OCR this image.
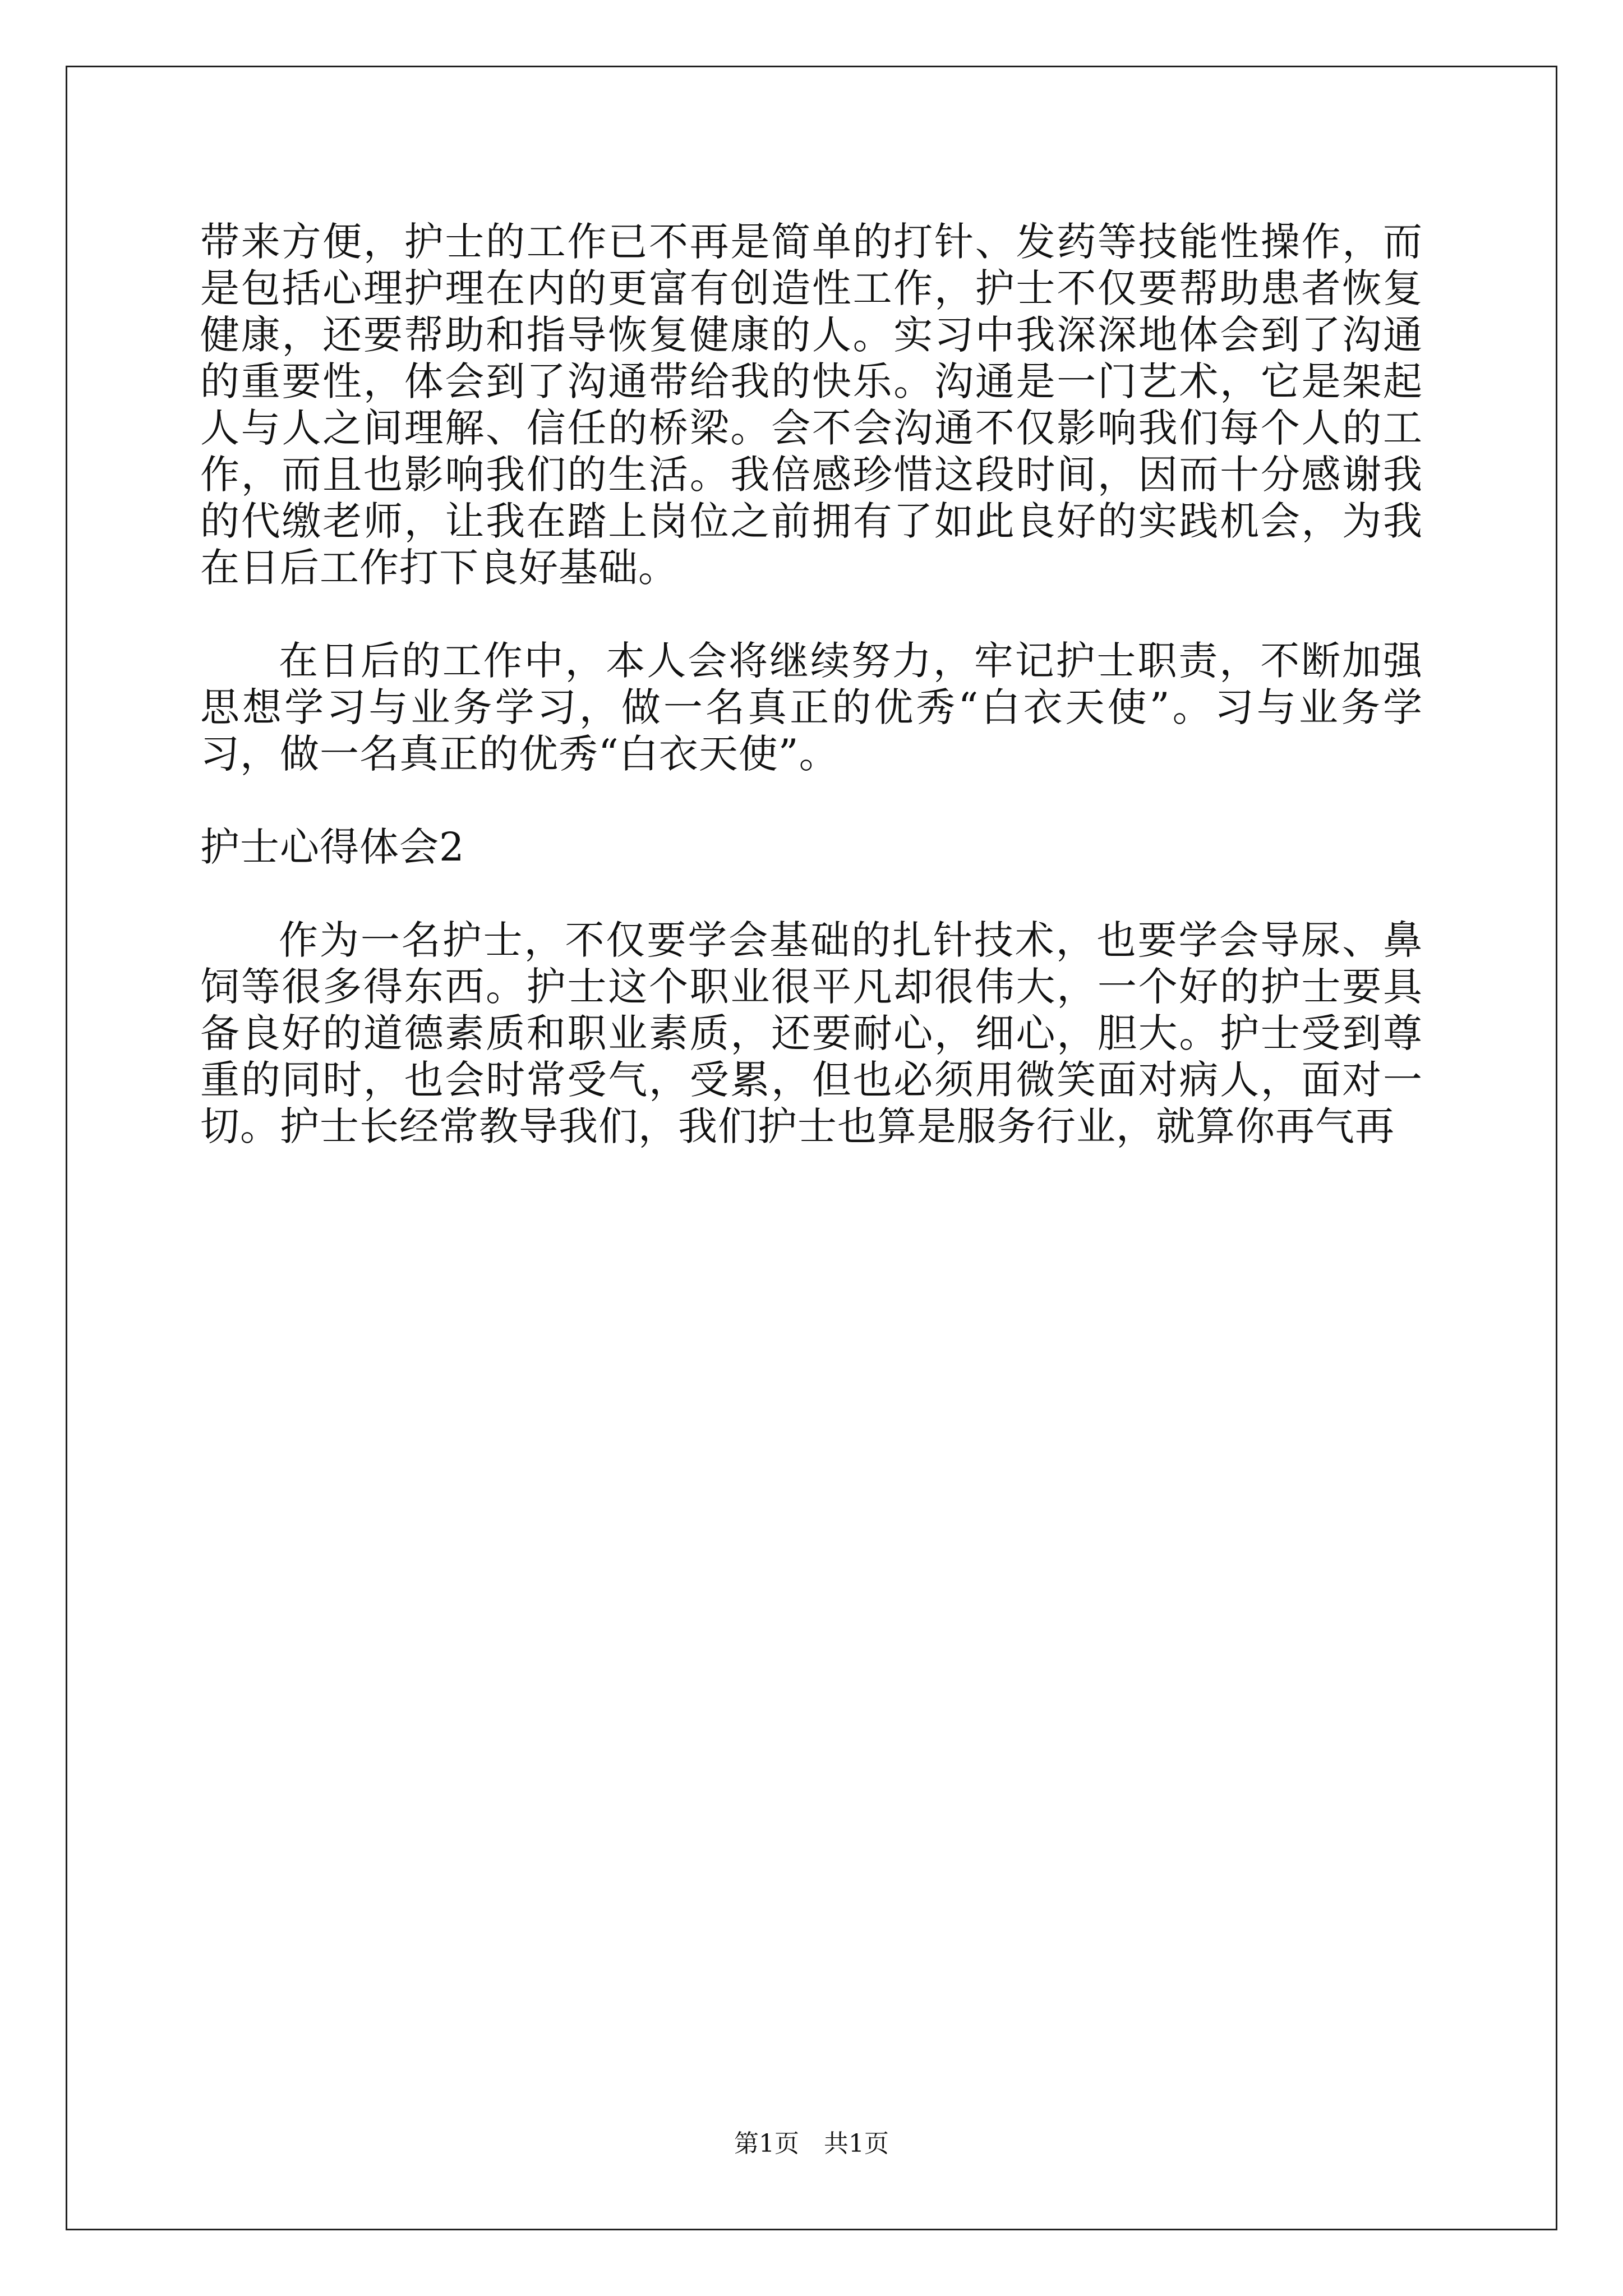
带来方便，护士的工作已不再是简单的打针、发药等技能性操作，而是包括心理护理在内的更富有创造性工作，护士不仅要帮助患者恢复健康，还要帮助和指导恢复健康的人。实习中我深深地体会到了沟通的重要性，体会到了沟通带给我的快乐。沟通是一门艺术，它是架起人与人之间理解、信任的桥梁。会不会沟通不仅影响我们每个人的工作，而且也影响我们的生活。我倍感珍惜这段时间，因而十分感谢我的代缴老师，让我在踏上岗位之前拥有了如此良好的实践机会，为我在日后工作打下良好基础。

在日后的工作中，本人会将继续努力，牢记护士职责，不断加强思想学习与业务学习，做一名真正的优秀“白衣天使”。习与业务学习，做一名真正的优秀“白衣天使”。

护士心得体会2

作为一名护士，不仅要学会基础的扎针技术，也要学会导尿、鼻饲等很多得东西。护士这个职业很平凡却很伟大，一个好的护士要具备良好的道德素质和职业素质，还要耐心，细心，胆大。护士受到尊重的同时，也会时常受气，受累，但也必须用微笑面对病人，面对一切。护士长经常教导我们，我们护士也算是服务行业，就算你再气再

第1页　共1页
